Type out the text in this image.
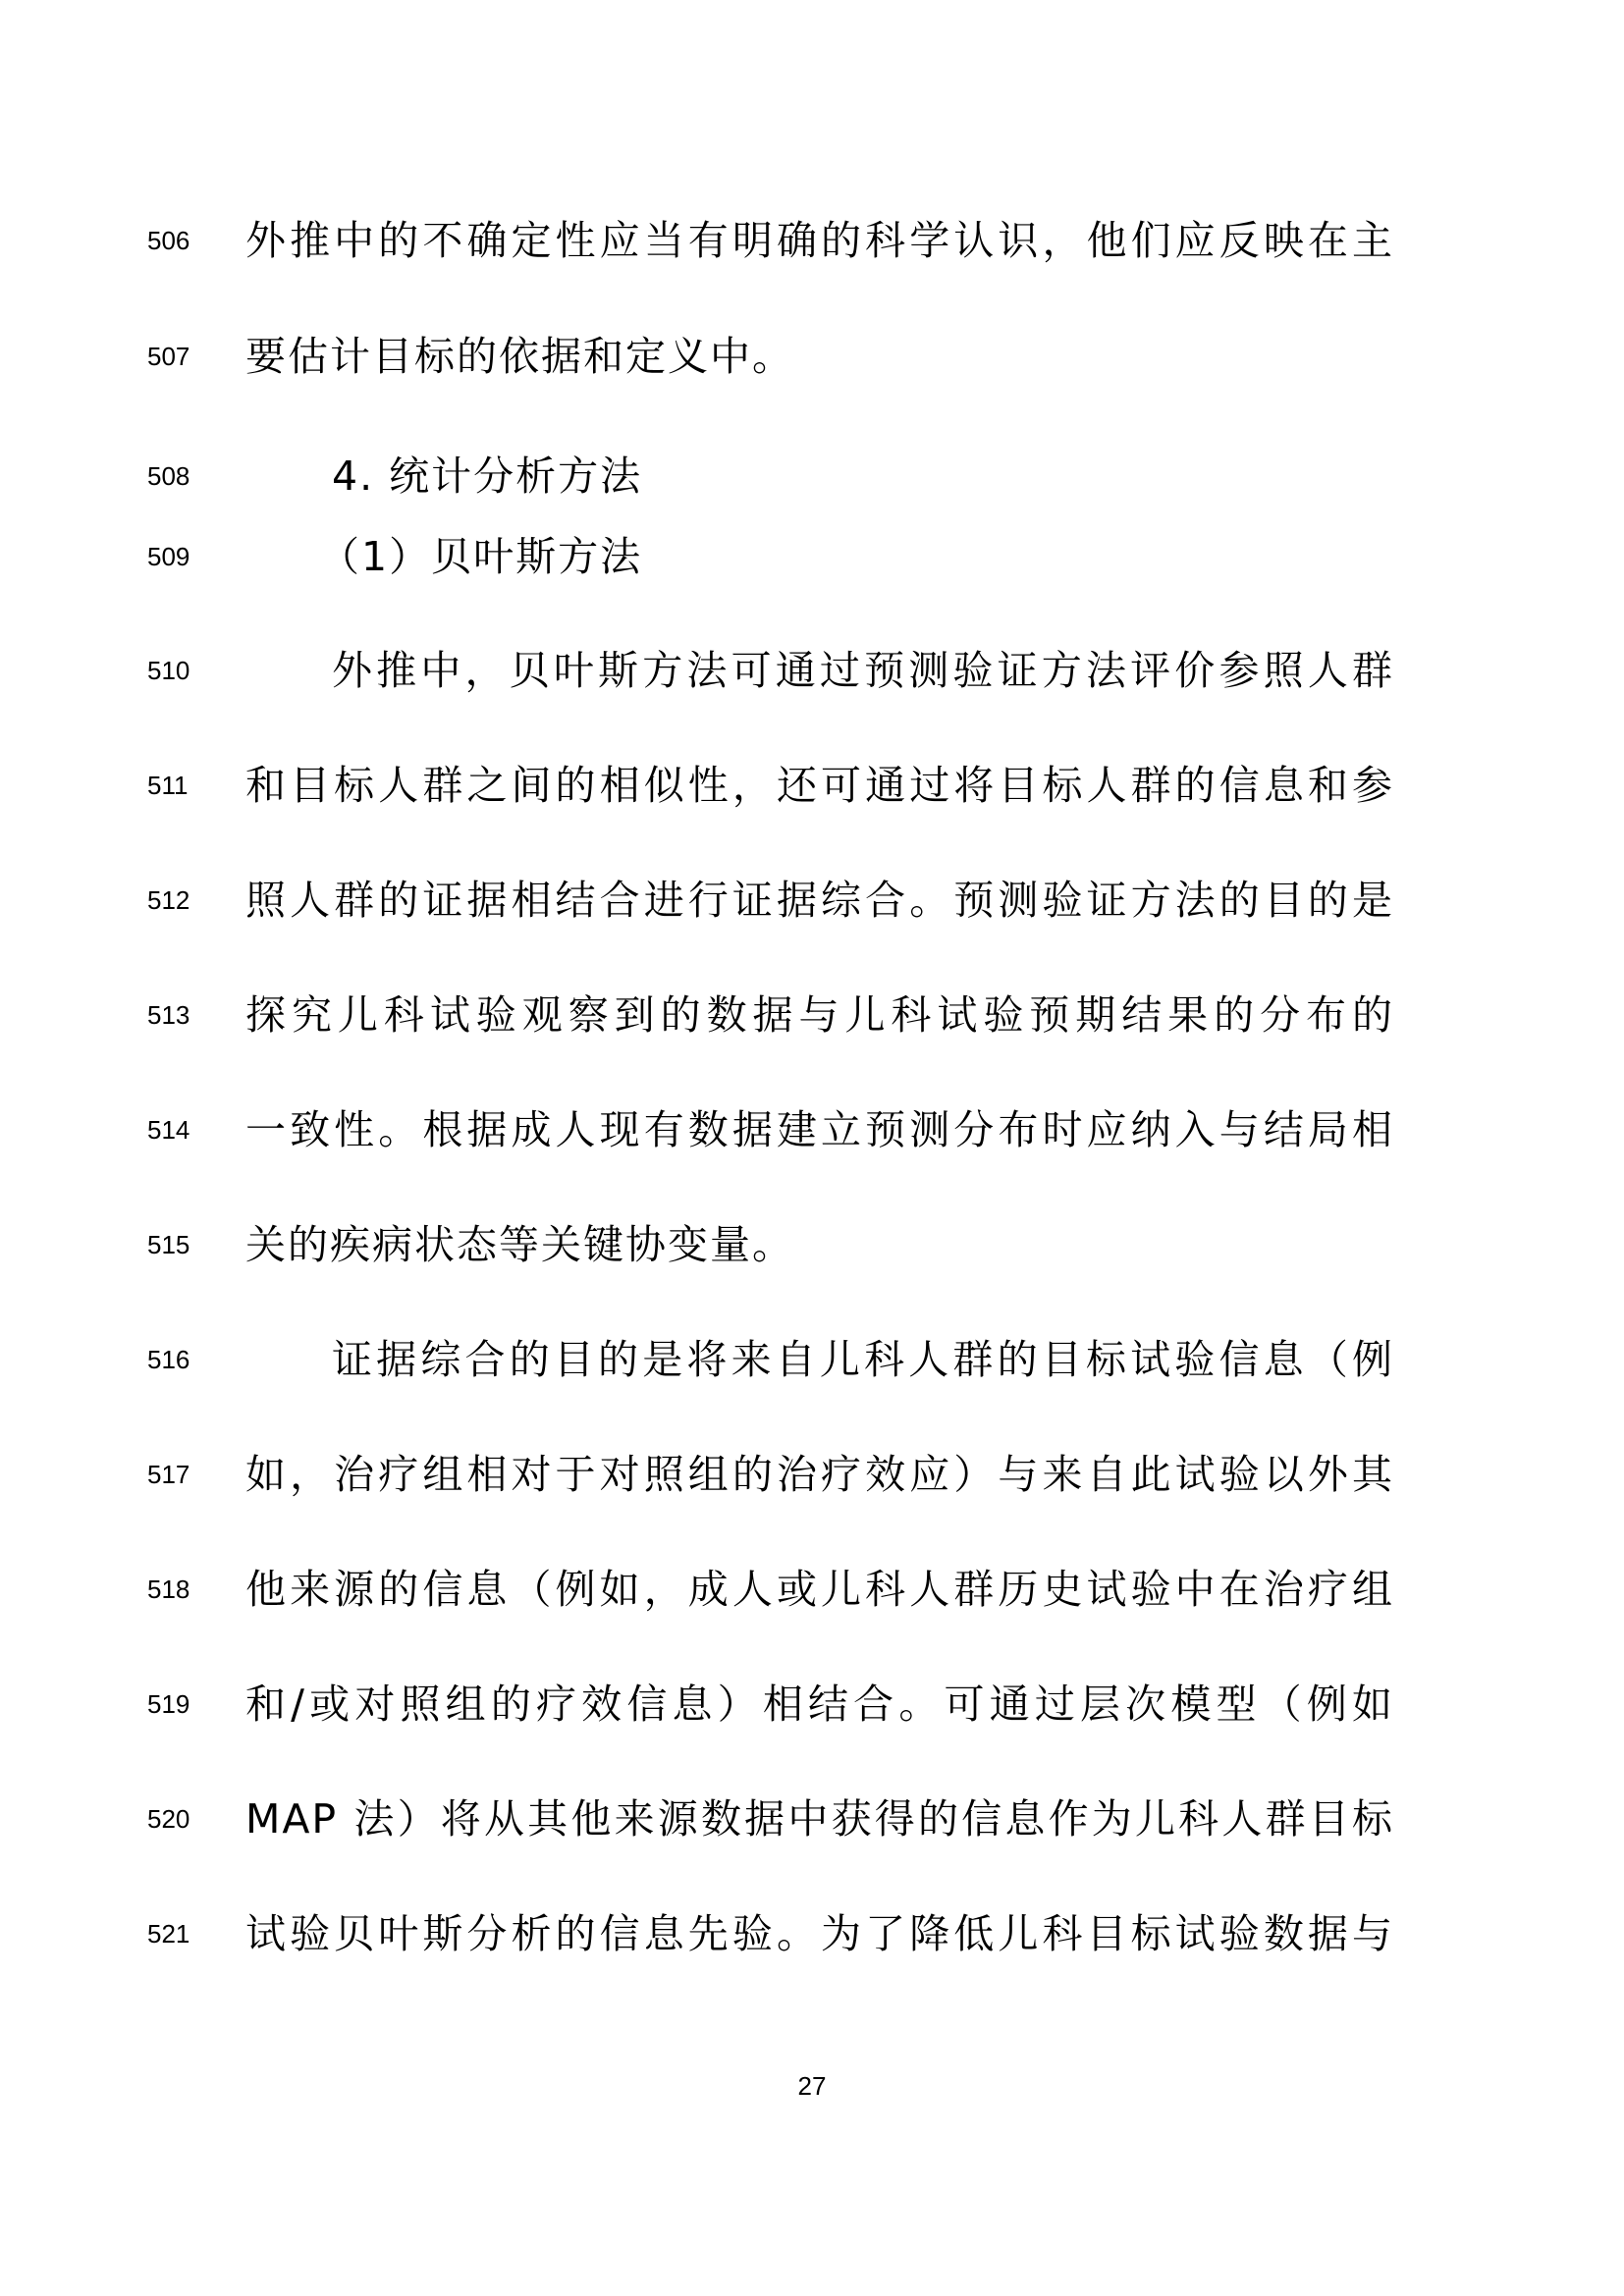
506	外推中的不确定性应当有明确的科学认识，他们应反映在主
507	要估计目标的依据和定义中。
508	4. 统计分析方法
509	（1）贝叶斯方法
510	外推中，贝叶斯方法可通过预测验证方法评价参照人群
511	和目标人群之间的相似性，还可通过将目标人群的信息和参
512	照人群的证据相结合进行证据综合。预测验证方法的目的是
513	探究儿科试验观察到的数据与儿科试验预期结果的分布的
514	一致性。根据成人现有数据建立预测分布时应纳入与结局相
515	关的疾病状态等关键协变量。
516	证据综合的目的是将来自儿科人群的目标试验信息（例
517	如，治疗组相对于对照组的治疗效应）与来自此试验以外其
518	他来源的信息（例如，成人或儿科人群历史试验中在治疗组
519	和/或对照组的疗效信息）相结合。可通过层次模型（例如
520	MAP 法）将从其他来源数据中获得的信息作为儿科人群目标
521	试验贝叶斯分析的信息先验。为了降低儿科目标试验数据与
27
